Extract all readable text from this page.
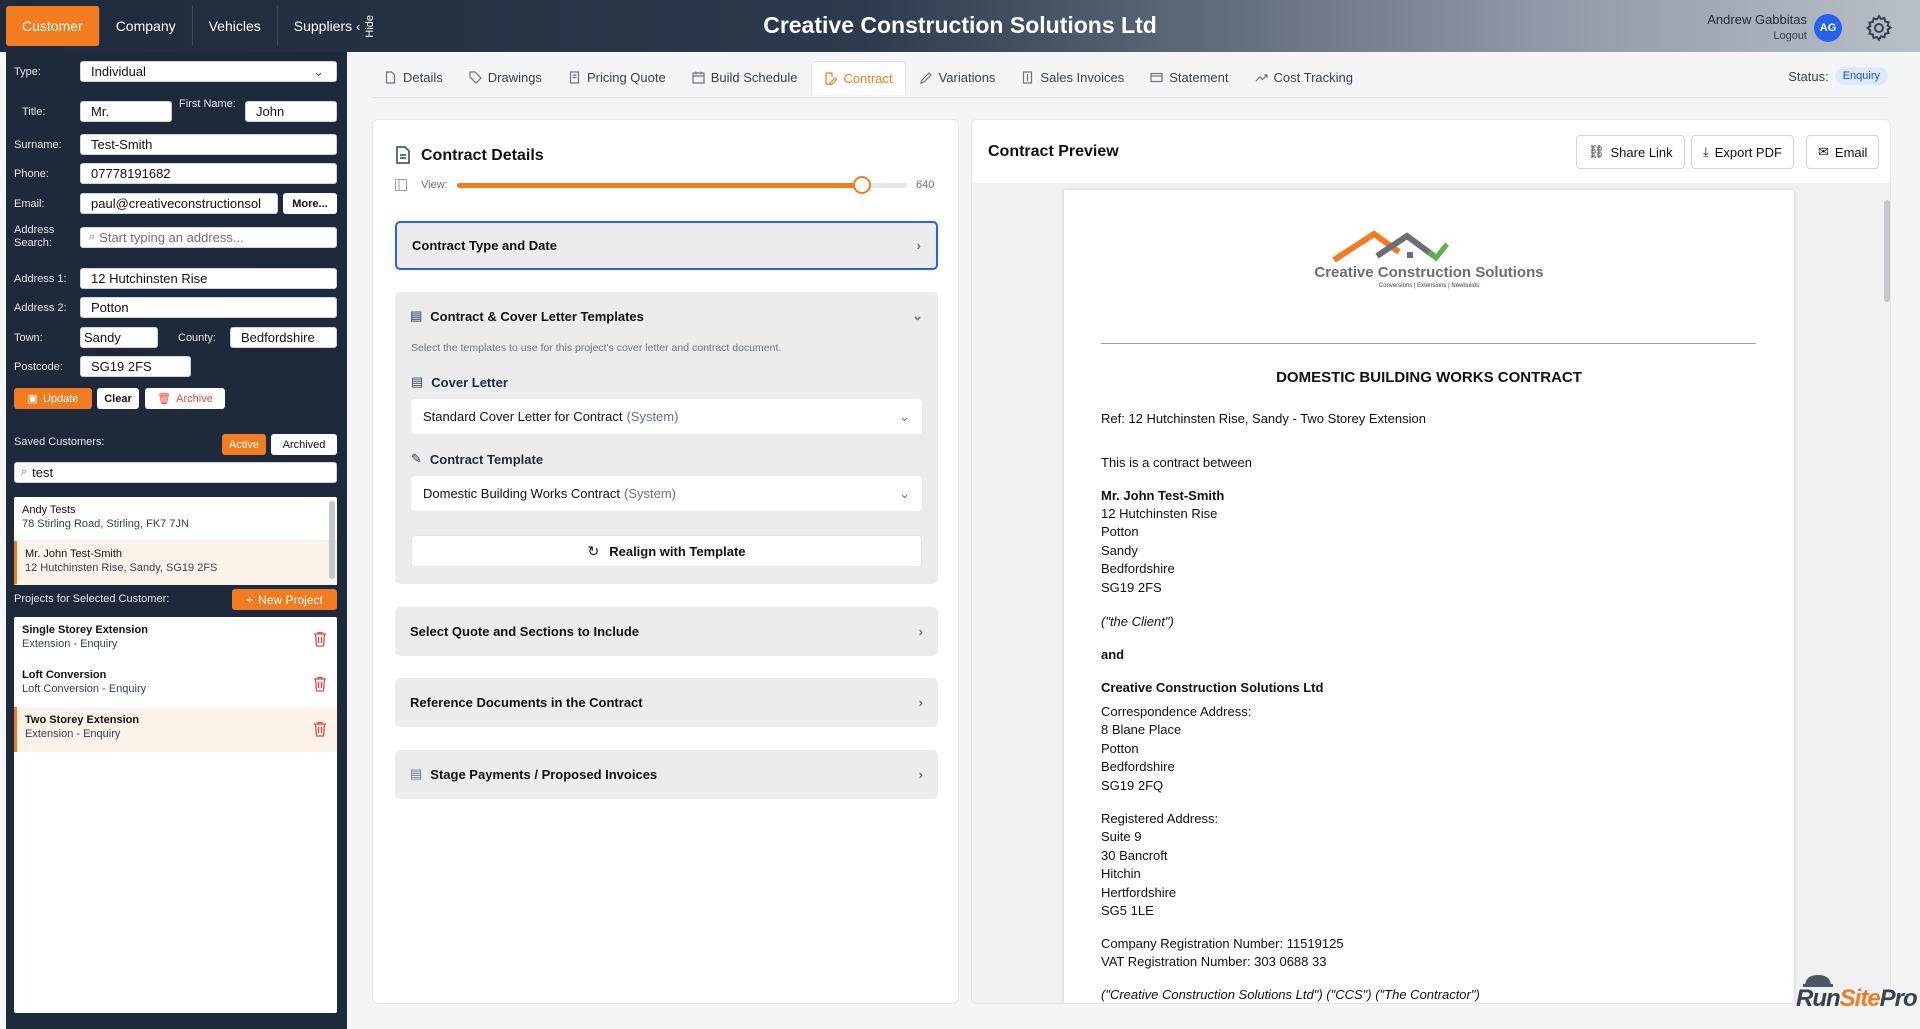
Customer	Company	Vehicles	Suppliers ‹ Hide	Creative Construction Solutions Ltd	Andrew Gabbitas
Logout
AG
Type:	Individual	⌄
Title:	Mr.	First Name:	John
Surname:	Test-Smith
Phone:	07778191682
Email:	paul@creativeconstructionsol	More...
Address Search:	⌕ Start typing an address...
Address 1:	12 Hutchinsten Rise
Address 2:	Potton
Town:	Sandy	County:	Bedfordshire
Postcode:	SG19 2FS
▣ Update	Clear	🗑 Archive
Saved Customers:	Active	Archived
⌕ test
Andy Tests
78 Stirling Road, Stirling, FK7 7JN
Mr. John Test-Smith
12 Hutchinsten Rise, Sandy, SG19 2FS
Projects for Selected Customer:	+ New Project
Single Storey Extension
Extension - Enquiry
Loft Conversion
Loft Conversion - Enquiry
Two Storey Extension
Extension - Enquiry
Details	Drawings	Pricing Quote	Build Schedule	Contract	Variations	Sales Invoices	Statement	Cost Tracking	Status:	Enquiry
Contract Details
View:	640
Contract Type and Date	›
▤ Contract & Cover Letter Templates	⌄
Select the templates to use for this project's cover letter and contract document.
▤ Cover Letter
Standard Cover Letter for Contract (System)	⌄
✎ Contract Template
Domestic Building Works Contract (System)	⌄
↻ Realign with Template
Select Quote and Sections to Include	›
Reference Documents in the Contract	›
▤ Stage Payments / Proposed Invoices	›
Contract Preview	⛓ Share Link ⤓ Export PDF	✉ Email
Creative Construction Solutions
Conversions | Extensions | Newbuilds
DOMESTIC BUILDING WORKS CONTRACT
Ref: 12 Hutchinsten Rise, Sandy - Two Storey Extension
This is a contract between
Mr. John Test-Smith
12 Hutchinsten Rise
Potton
Sandy
Bedfordshire
SG19 2FS
("the Client")
and
Creative Construction Solutions Ltd
Correspondence Address:
8 Blane Place
Potton
Bedfordshire
SG19 2FQ
Registered Address:
Suite 9
30 Bancroft
Hitchin
Hertfordshire
SG5 1LE
Company Registration Number: 11519125
VAT Registration Number: 303 0688 33
("Creative Construction Solutions Ltd") ("CCS") ("The Contractor")	RunSitePro
